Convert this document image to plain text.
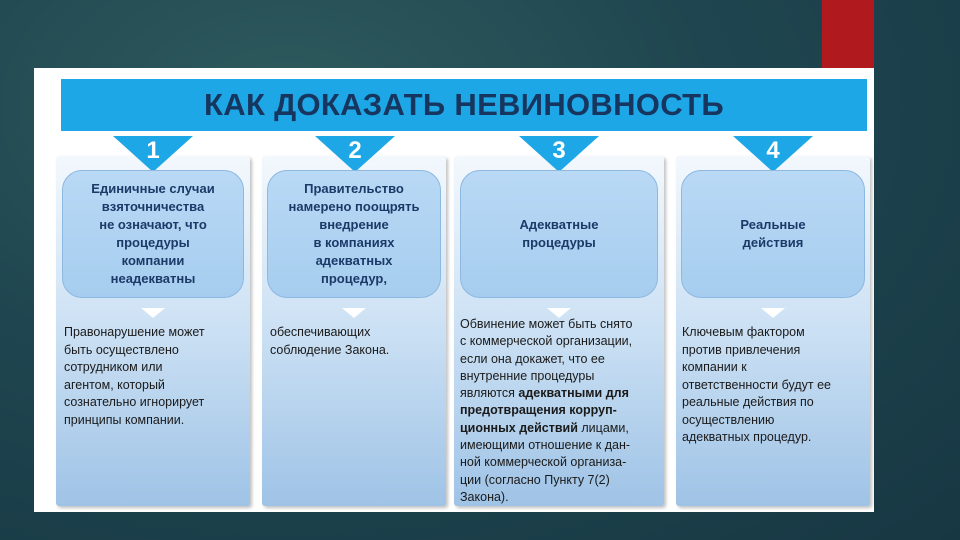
КАК ДОКАЗАТЬ НЕВИНОВНОСТЬ
1
Единичные случаи
взяточничества
не означают, что
процедуры
компании
неадекватны
Правонарушение может
быть осуществлено
сотрудником или
агентом, который
сознательно игнорирует
принципы компании.
2
Правительство
намерено поощрять
внедрение
в компаниях
адекватных
процедур,
обеспечивающих
соблюдение Закона.
3
Адекватные
процедуры
Обвинение может быть снято
с коммерческой организации,
если она докажет, что ее
внутренние процедуры
являются адекватными для
предотвращения корруп-
ционных действий лицами,
имеющими отношение к дан-
ной коммерческой организа-
ции (согласно Пункту 7(2)
Закона).
4
Реальные
действия
Ключевым фактором
против привлечения
компании к
ответственности будут ее
реальные действия по
осуществлению
адекватных процедур.
